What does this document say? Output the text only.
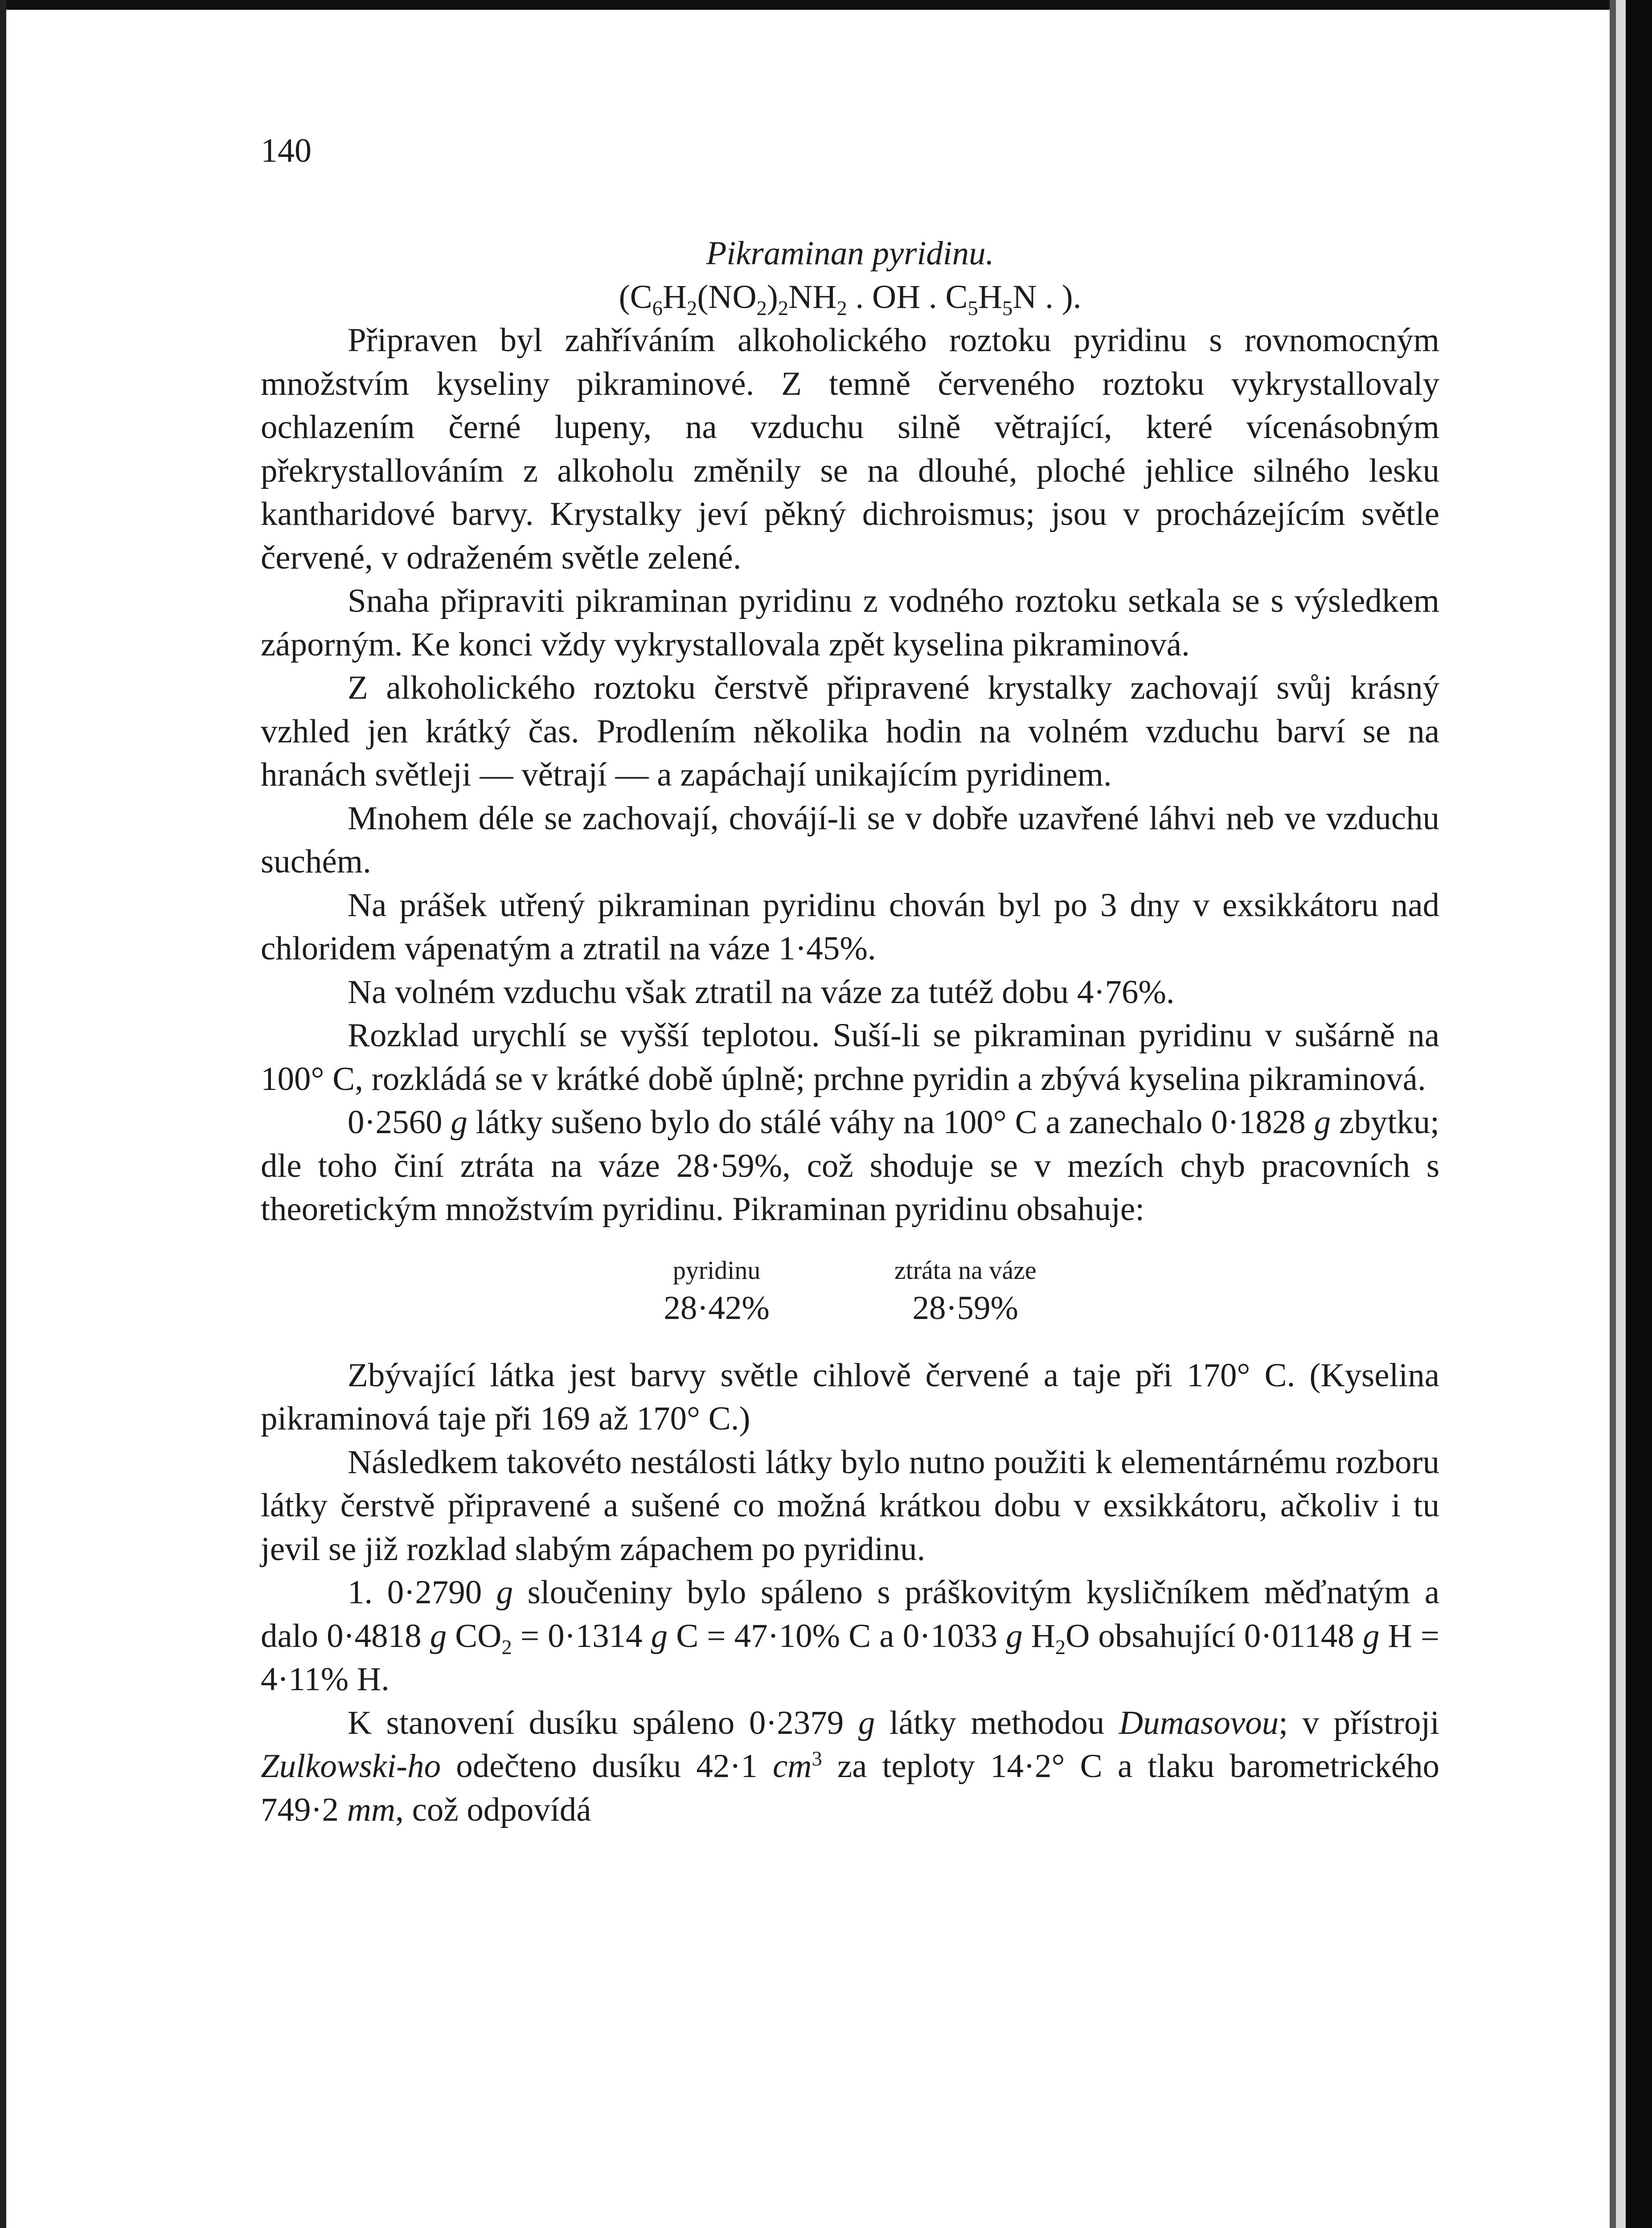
140

Pikraminan pyridinu.

($C_6H_2(NO_2)_2NH_2$ . OH . $C_5H_5N$ . ).

Připraven byl zahříváním alkoholického roztoku pyridinu s rovnomocným množstvím kyseliny pikraminové. Z temně červeného roztoku vykrystallovaly ochlazením černé lupeny, na vzduchu silně větrající, které vícenásobným překrystallováním z alkoholu změnily se na dlouhé, ploché jehlice silného lesku kantharidové barvy. Krystalky jeví pěkný dichroismus; jsou v procházejícím světle červené, v odraženém světle zelené.

Snaha připraviti pikraminan pyridinu z vodného roztoku setkala se s výsledkem záporným. Ke konci vždy vykrystallovala zpět kyselina pikraminová.

Z alkoholického roztoku čerstvě připravené krystalky zachovají svůj krásný vzhled jen krátký čas. Prodlením několika hodin na volném vzduchu barví se na hranách světleji — větrají — a zapáchají unikajícím pyridinem.

Mnohem déle se zachovají, chovájí-li se v dobře uzavřené láhvi neb ve vzduchu suchém.

Na prášek utřený pikraminan pyridinu chován byl po 3 dny v exsikkátoru nad chloridem vápenatým a ztratil na váze 1·45%.

Na volném vzduchu však ztratil na váze za tutéž dobu 4·76%.

Rozklad urychlí se vyšší teplotou. Suší-li se pikraminan pyridinu v sušárně na 100° C, rozkládá se v krátké době úplně; prchne pyridin a zbývá kyselina pikraminová.

0·2560 g látky sušeno bylo do stálé váhy na 100° C a zanechalo 0·1828 g zbytku; dle toho činí ztráta na váze 28·59%, což shoduje se v mezích chyb pracovních s theoretickým množstvím pyridinu. Pikraminan pyridinu obsahuje:

pyridinu
28·42%
ztráta na váze
28·59%

Zbývající látka jest barvy světle cihlově červené a taje při 170° C. (Kyselina pikraminová taje při 169 až 170° C.)

Následkem takovéto nestálosti látky bylo nutno použiti k elementárnému rozboru látky čerstvě připravené a sušené co možná krátkou dobu v exsikkátoru, ačkoliv i tu jevil se již rozklad slabým zápachem po pyridinu.

1. 0·2790 g sloučeniny bylo spáleno s práškovitým kysličníkem měďnatým a dalo 0·4818 g $CO_2 = 0\cdot 1314$ g C = 47·10% C a 0·1033 g $H_2O$ obsahující 0·01148 g H = 4·11% H.

K stanovení dusíku spáleno 0·2379 g látky methodou Dumasovou; v přístroji Zulkowski-ho odečteno dusíku 42·1 $cm^3$ za teploty 14·2° C a tlaku barometrického 749·2 mm, což odpovídá
